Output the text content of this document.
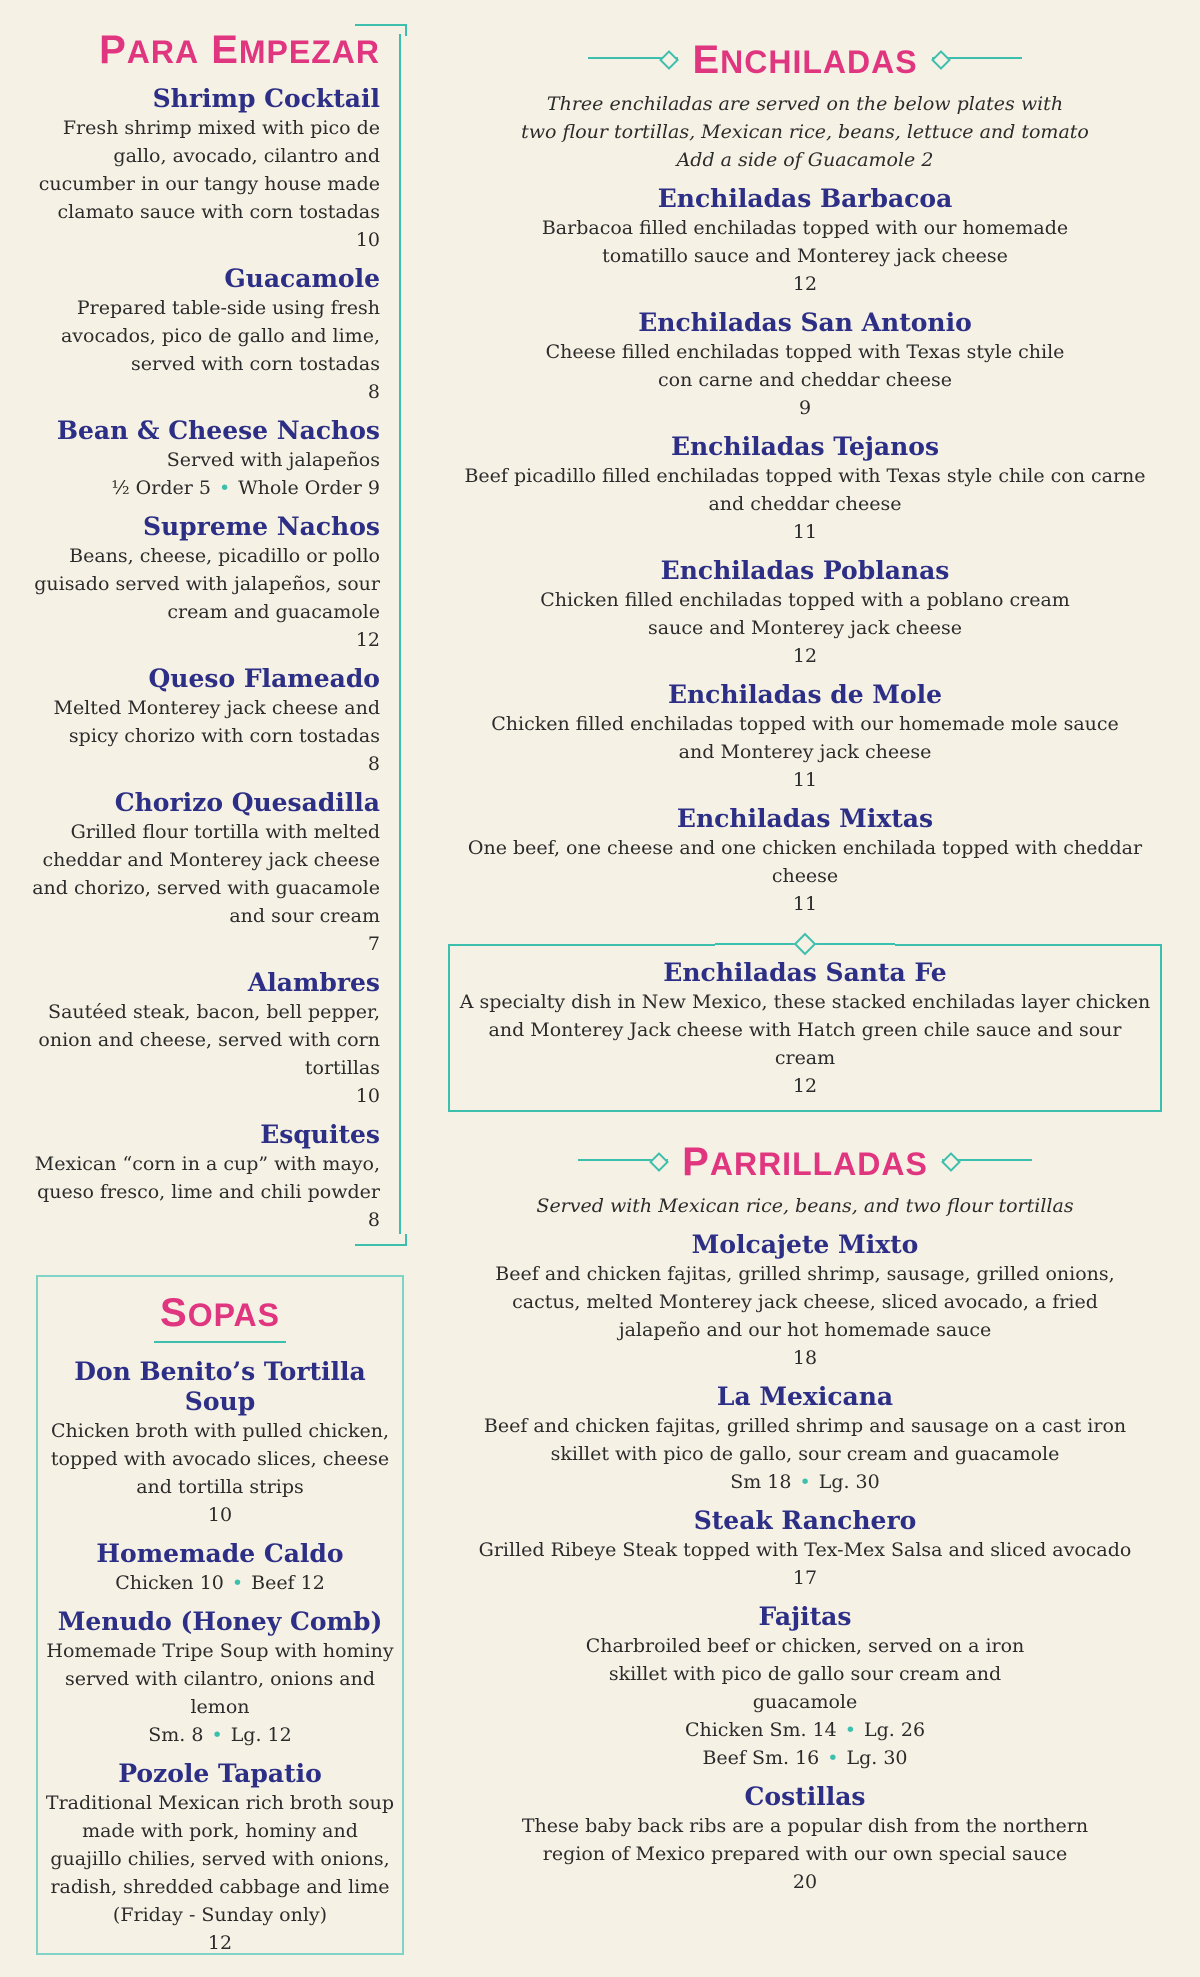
PARA EMPEZAR
Shrimp Cocktail
Fresh shrimp mixed with pico de gallo, avocado, cilantro and cucumber in our tangy house made clamato sauce with corn tostadas
10
Guacamole
Prepared table-side using fresh avocados, pico de gallo and lime, served with corn tostadas
8
Bean & Cheese Nachos
Served with jalapeños
½ Order 5 • Whole Order 9
Supreme Nachos
Beans, cheese, picadillo or pollo guisado served with jalapeños, sour cream and guacamole
12
Queso Flameado
Melted Monterey jack cheese and spicy chorizo with corn tostadas
8
Chorizo Quesadilla
Grilled flour tortilla with melted cheddar and Monterey jack cheese and chorizo, served with guacamole and sour cream
7
Alambres
Sautéed steak, bacon, bell pepper, onion and cheese, served with corn tortillas
10
Esquites
Mexican “corn in a cup” with mayo, queso fresco, lime and chili powder
8
SOPAS
Don Benito’s Tortilla Soup
Chicken broth with pulled chicken, topped with avocado slices, cheese and tortilla strips
10
Homemade Caldo
Chicken 10 • Beef 12
Menudo (Honey Comb)
Homemade Tripe Soup with hominy served with cilantro, onions and lemon
Sm. 8 • Lg. 12
Pozole Tapatio
Traditional Mexican rich broth soup made with pork, hominy and guajillo chilies, served with onions, radish, shredded cabbage and lime
(Friday - Sunday only)
12
ENCHILADAS
Three enchiladas are served on the below plates with
two flour tortillas, Mexican rice, beans, lettuce and tomato
Add a side of Guacamole 2
Enchiladas Barbacoa
Barbacoa filled enchiladas topped with our homemade tomatillo sauce and Monterey jack cheese
12
Enchiladas San Antonio
Cheese filled enchiladas topped with Texas style chile con carne and cheddar cheese
9
Enchiladas Tejanos
Beef picadillo filled enchiladas topped with Texas style chile con carne and cheddar cheese
11
Enchiladas Poblanas
Chicken filled enchiladas topped with a poblano cream sauce and Monterey jack cheese
12
Enchiladas de Mole
Chicken filled enchiladas topped with our homemade mole sauce and Monterey jack cheese
11
Enchiladas Mixtas
One beef, one cheese and one chicken enchilada topped with cheddar cheese
11
Enchiladas Santa Fe
A specialty dish in New Mexico, these stacked enchiladas layer chicken and Monterey Jack cheese with Hatch green chile sauce and sour cream
12
PARRILLADAS
Served with Mexican rice, beans, and two flour tortillas
Molcajete Mixto
Beef and chicken fajitas, grilled shrimp, sausage, grilled onions, cactus, melted Monterey jack cheese, sliced avocado, a fried jalapeño and our hot homemade sauce
18
La Mexicana
Beef and chicken fajitas, grilled shrimp and sausage on a cast iron skillet with pico de gallo, sour cream and guacamole
Sm 18 • Lg. 30
Steak Ranchero
Grilled Ribeye Steak topped with Tex-Mex Salsa and sliced avocado
17
Fajitas
Charbroiled beef or chicken, served on a iron skillet with pico de gallo sour cream and guacamole
Chicken Sm. 14 • Lg. 26
Beef Sm. 16 • Lg. 30
Costillas
These baby back ribs are a popular dish from the northern region of Mexico prepared with our own special sauce
20
